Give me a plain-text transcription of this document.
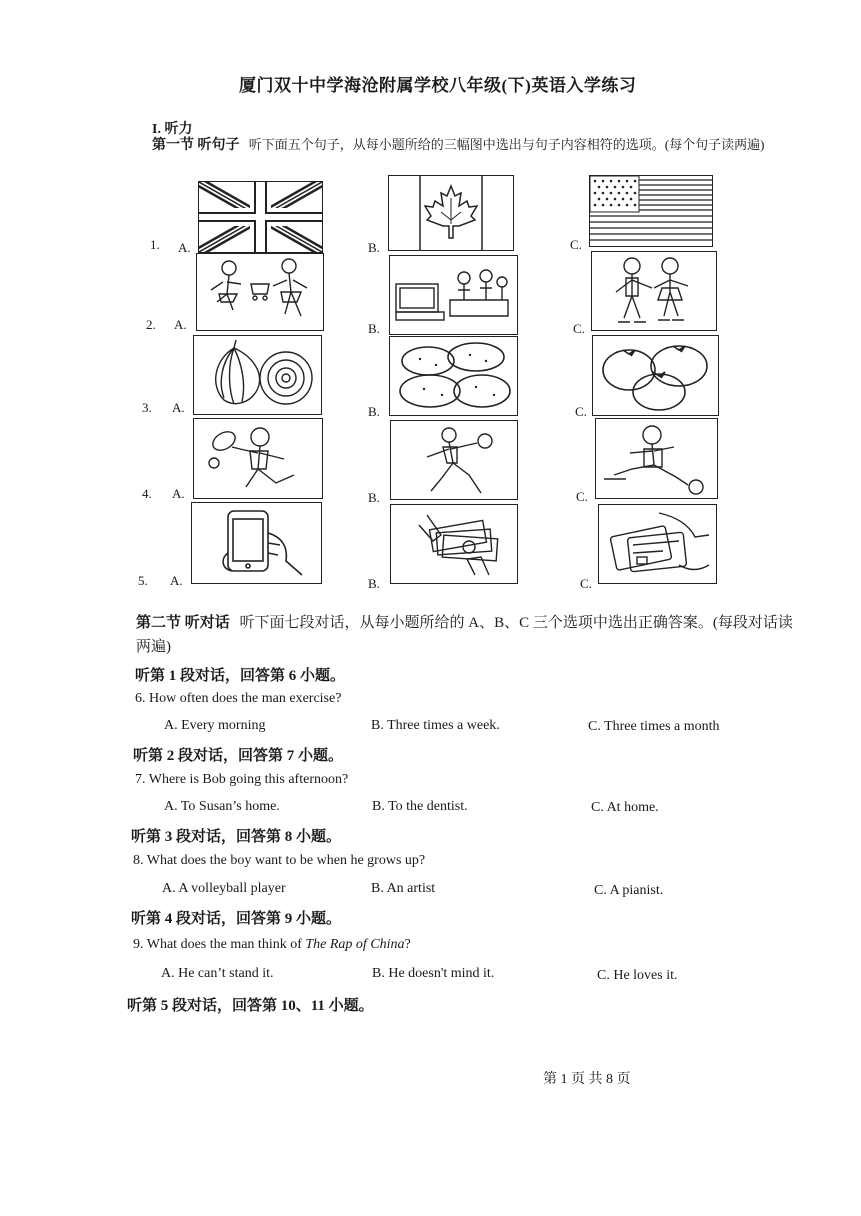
厦门双十中学海沧附属学校八年级(下)英语入学练习
I. 听力
第一节 听句子 听下面五个句子，从每小题所给的三幅图中选出与句子内容相符的选项。(每个句子读两遍)
1. A.	B.	C.
2. A.	B.	C.
3. A.	B.	C.
4. A.	B.	C.
5. A.	B.	C.
第二节 听对话 听下面七段对话，从每小题所给的 A、B、C 三个选项中选出正确答案。(每段对话读两遍)
听第 1 段对话，回答第 6 小题。
6. How often does the man exercise?
A. Every morning	B. Three times a week.	C. Three times a month
听第 2 段对话，回答第 7 小题。
7. Where is Bob going this afternoon?
A. To Susan’s home.	B. To the dentist.	C. At home.
听第 3 段对话，回答第 8 小题。
8. What does the boy want to be when he grows up?
A. A volleyball player	B. An artist	C. A pianist.
听第 4 段对话，回答第 9 小题。
9. What does the man think of The Rap of China?
A. He can’t stand it.	B. He doesn't mind it.	C. He loves it.
听第 5 段对话，回答第 10、11 小题。
第 1 页 共 8 页
